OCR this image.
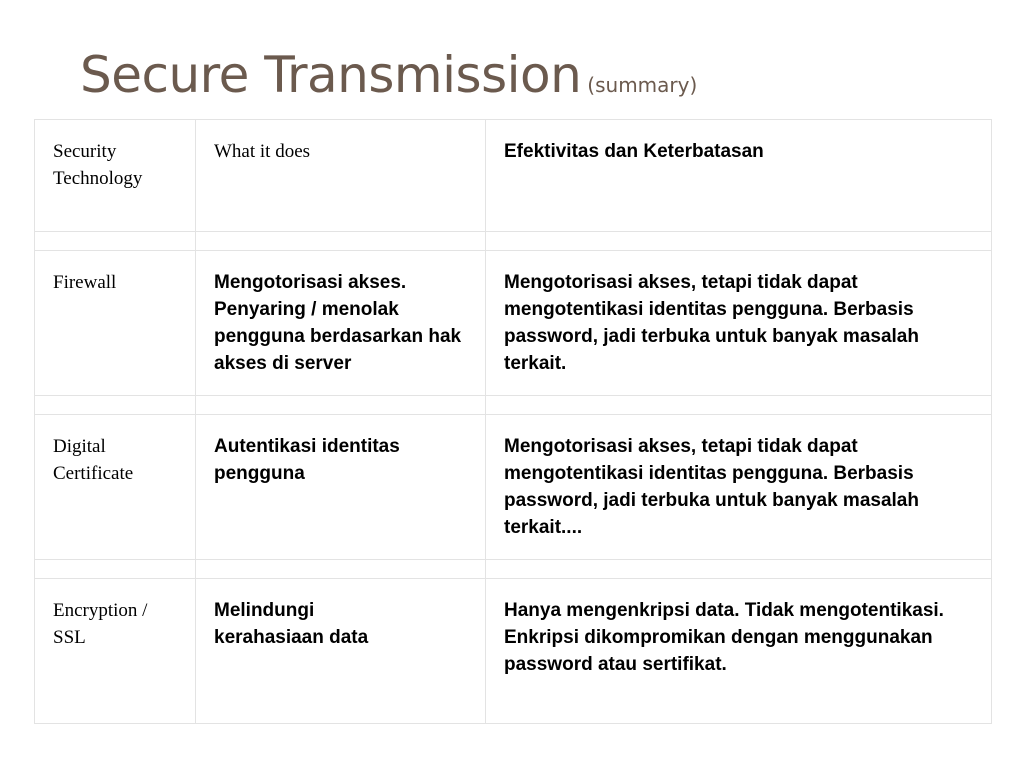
Secure Transmission (summary)
Security Technology	What it does	Efektivitas dan Keterbatasan

Firewall	Mengotorisasi akses. Penyaring / menolak pengguna berdasarkan hak akses di server	Mengotorisasi akses, tetapi tidak dapat mengotentikasi identitas pengguna. Berbasis password, jadi terbuka untuk banyak masalah terkait.

Digital Certificate	Autentikasi identitas pengguna	Mengotorisasi akses, tetapi tidak dapat mengotentikasi identitas pengguna. Berbasis password, jadi terbuka untuk banyak masalah terkait....

Encryption / SSL	Melindungi kerahasiaan data	Hanya mengenkripsi data. Tidak mengotentikasi. Enkripsi dikompromikan dengan menggunakan password atau sertifikat.
